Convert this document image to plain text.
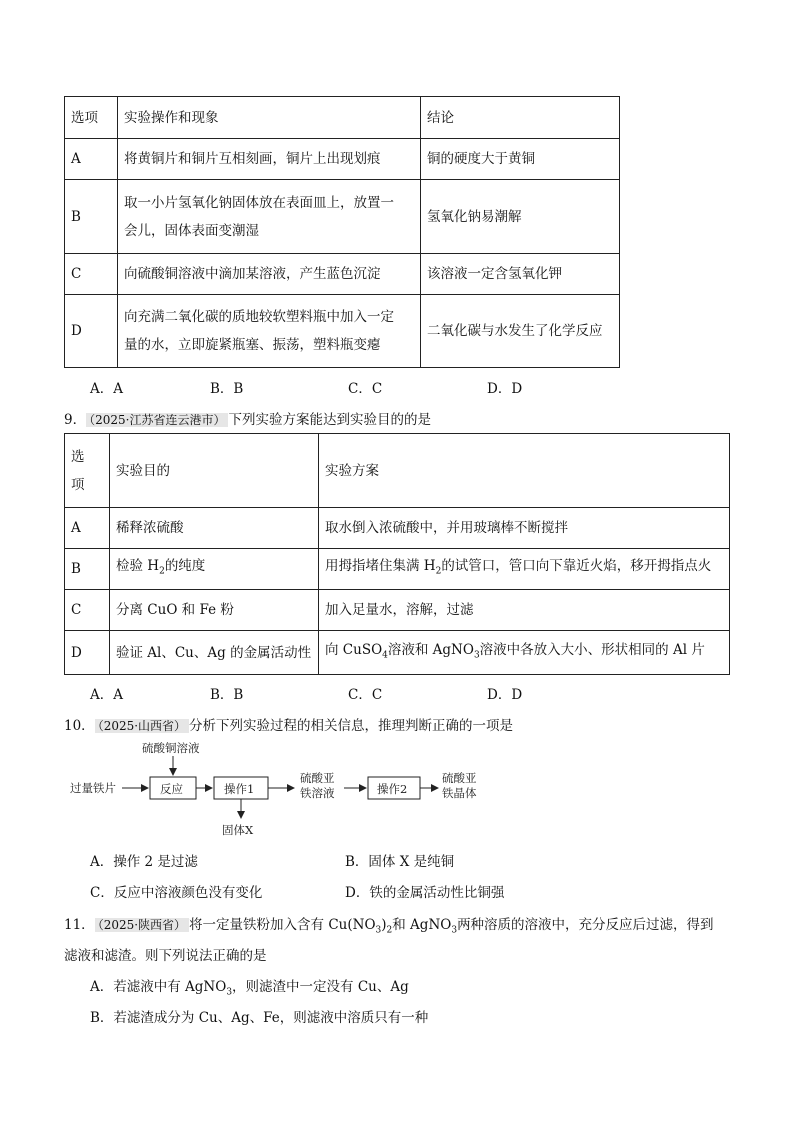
选项	实验操作和现象	结论
A	将黄铜片和铜片互相刻画，铜片上出现划痕	铜的硬度大于黄铜
B	取一小片氢氧化钠固体放在表面皿上，放置一
会儿，固体表面变潮湿	氢氧化钠易潮解
C	向硫酸铜溶液中滴加某溶液，产生蓝色沉淀	该溶液一定含氢氧化钾
D	向充满二氧化碳的质地较软塑料瓶中加入一定
量的水，立即旋紧瓶塞、振荡，塑料瓶变瘪	二氧化碳与水发生了化学反应
A．A	B．B	C．C	D．D
9． （2025·江苏省连云港市） 下列实验方案能达到实验目的的是
选
项	实验目的	实验方案
A	稀释浓硫酸	取水倒入浓硫酸中，并用玻璃棒不断搅拌
B	检验 $H_2$的纯度	用拇指堵住集满 $H_2$的试管口，管口向下靠近火焰，移开拇指点火
C	分离 CuO 和 Fe 粉	加入足量水，溶解，过滤
D	验证 Al、Cu、Ag 的金属活动性	向 CuSO$_4$溶液和 AgNO$_3$溶液中各放入大小、形状相同的 Al 片
A．A	B．B	C．C	D．D
10． （2025·山西省） 分析下列实验过程的相关信息，推理判断正确的一项是
硫酸铜溶液
过量铁片	反应	操作1
固体X
硫酸亚
铁溶液	操作2
硫酸亚
铁晶体
A．操作 2 是过滤	B．固体 X 是纯铜
C．反应中溶液颜色没有变化	D．铁的金属活动性比铜强
11． （2025·陕西省） 将一定量铁粉加入含有 $Cu(NO_3)_2$和 AgNO$_3$两种溶质的溶液中，充分反应后过滤，得到
滤液和滤渣。则下列说法正确的是
A．若滤液中有 AgNO$_3$，则滤渣中一定没有 Cu、Ag
B．若滤渣成分为 Cu、Ag、Fe，则滤液中溶质只有一种
